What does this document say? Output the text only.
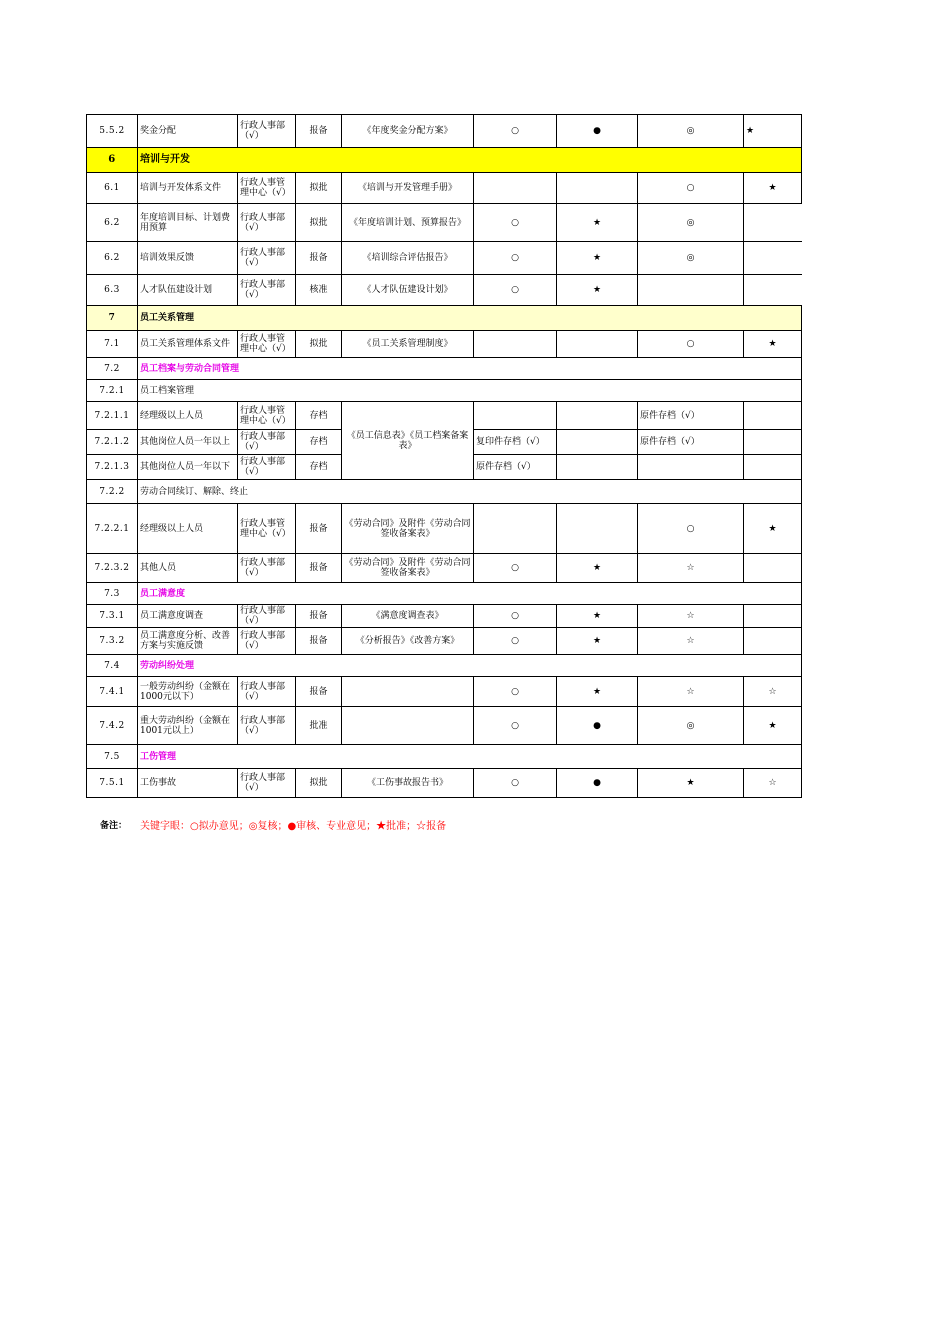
5.5.2	奖金分配	行政人事部（√）	报备	《年度奖金分配方案》	○	●	◎	★
6	培训与开发							
6.1	培训与开发体系文件	行政人事管理中心（√）	拟批	《培训与开发管理手册》			○	★
6.2	年度培训目标、计划费用预算	行政人事部（√）	拟批	《年度培训计划、预算报告》	○	★	◎	
6.2	培训效果反馈	行政人事部（√）	报备	《培训综合评估报告》	○	★	◎	
6.3	人才队伍建设计划	行政人事部（√）	核准	《人才队伍建设计划》	○	★		
7	员工关系管理							
7.1	员工关系管理体系文件	行政人事管理中心（√）	拟批	《员工关系管理制度》			○	★
7.2	员工档案与劳动合同管理							
7.2.1	员工档案管理							
7.2.1.1	经理级以上人员	行政人事管理中心（√）	存档	《员工信息表》《员工档案备案表》			原件存档（√）	
7.2.1.2	其他岗位人员一年以上	行政人事部（√）	存档		复印件存档（√）		原件存档（√）	
7.2.1.3	其他岗位人员一年以下	行政人事部（√）	存档		原件存档（√）			
7.2.2	劳动合同续订、解除、终止							
7.2.2.1	经理级以上人员	行政人事管理中心（√）	报备	《劳动合同》及附件《劳动合同签收备案表》			○	★
7.2.3.2	其他人员	行政人事部（√）	报备	《劳动合同》及附件《劳动合同签收备案表》	○	★	☆	
7.3	员工满意度							
7.3.1	员工满意度调查	行政人事部（√）	报备	《满意度调查表》	○	★	☆	
7.3.2	员工满意度分析、改善方案与实施反馈	行政人事部（√）	报备	《分析报告》《改善方案》	○	★	☆	
7.4	劳动纠纷处理							
7.4.1	一般劳动纠纷（金额在1000元以下）	行政人事部（√）	报备		○	★	☆	☆
7.4.2	重大劳动纠纷（金额在1001元以上）	行政人事部（√）	批准		○	●	◎	★
7.5	工伤管理							
7.5.1	工伤事故	行政人事部（√）	拟批	《工伤事故报告书》	○	●	★	☆
备注： 关键字眼：○拟办意见；◎复核；●审核、专业意见；★批准；☆报备
